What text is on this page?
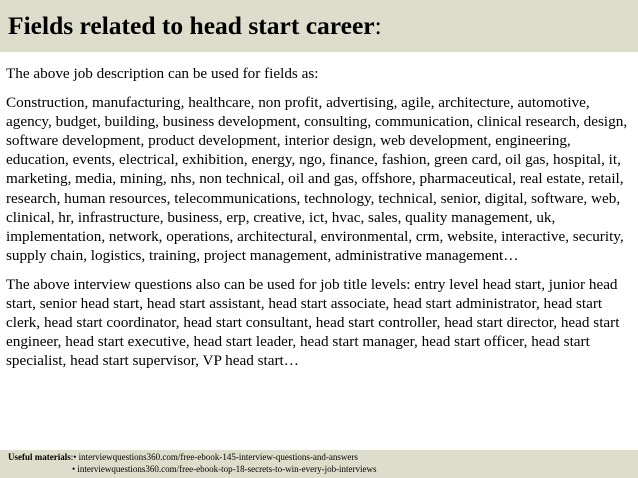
Fields related to head start career:

The above job description can be used for fields as:

Construction, manufacturing, healthcare, non profit, advertising, agile, architecture, automotive, agency, budget, building, business development, consulting, communication, clinical research, design, software development, product development, interior design, web development, engineering, education, events, electrical, exhibition, energy, ngo, finance, fashion, green card, oil gas, hospital, it, marketing, media, mining, nhs, non technical, oil and gas, offshore, pharmaceutical, real estate, retail, research, human resources, telecommunications, technology, technical, senior, digital, software, web, clinical, hr, infrastructure, business, erp, creative, ict, hvac, sales, quality management, uk, implementation, network, operations, architectural, environmental, crm, website, interactive, security, supply chain, logistics, training, project management, administrative management…

The above interview questions also can be used for job title levels: entry level head start, junior head start, senior head start, head start assistant, head start associate, head start administrator, head start clerk, head start coordinator, head start consultant, head start controller, head start director, head start engineer, head start executive, head start leader, head start manager, head start officer, head start specialist, head start supervisor, VP head start…

Useful materials : • interviewquestions360.com/free-ebook-145-interview-questions-and-answers
• interviewquestions360.com/free-ebook-top-18-secrets-to-win-every-job-interviews
